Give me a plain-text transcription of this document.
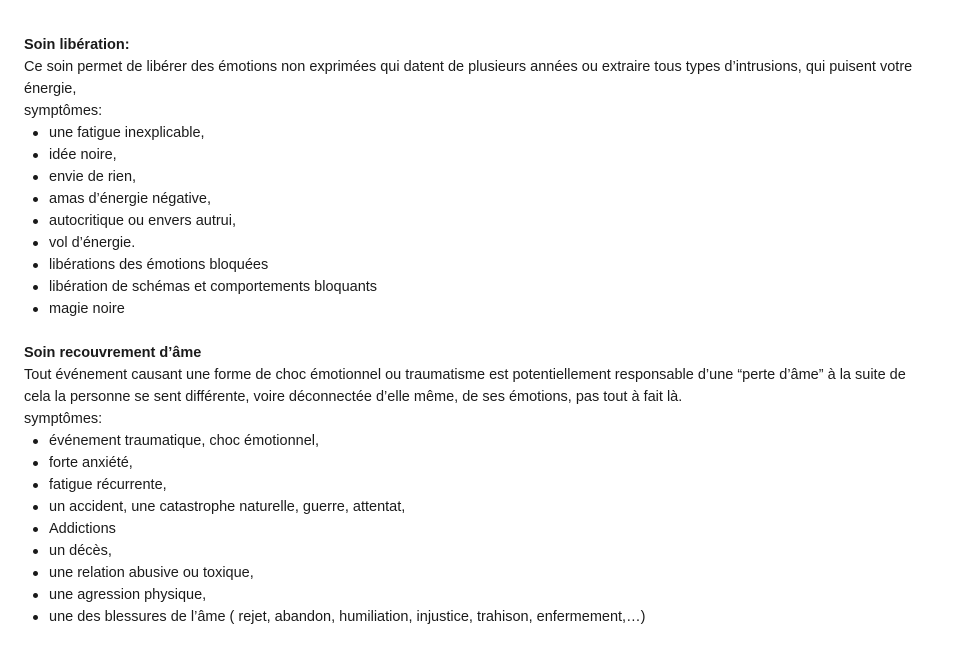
Soin libération:

Ce soin permet de libérer des émotions non exprimées qui datent de plusieurs années ou extraire tous types d’intrusions, qui puisent votre énergie,

symptômes:

une fatigue inexplicable,
idée noire,
envie de rien,
amas d’énergie négative,
autocritique ou envers autrui,
vol d’énergie.
libérations des émotions bloquées
libération de schémas et comportements bloquants
magie noire

Soin recouvrement d’âme

Tout événement causant une forme de choc émotionnel ou traumatisme est potentiellement responsable d’une “perte d’âme” à la suite de cela la personne se sent différente, voire déconnectée d’elle même, de ses émotions, pas tout à fait là.

symptômes:

événement traumatique, choc émotionnel,
forte anxiété,
fatigue récurrente,
un accident, une catastrophe naturelle, guerre, attentat,
Addictions
un décès,
une relation abusive ou toxique,
une agression physique,
une des blessures de l’âme ( rejet, abandon, humiliation, injustice, trahison, enfermement,…)
